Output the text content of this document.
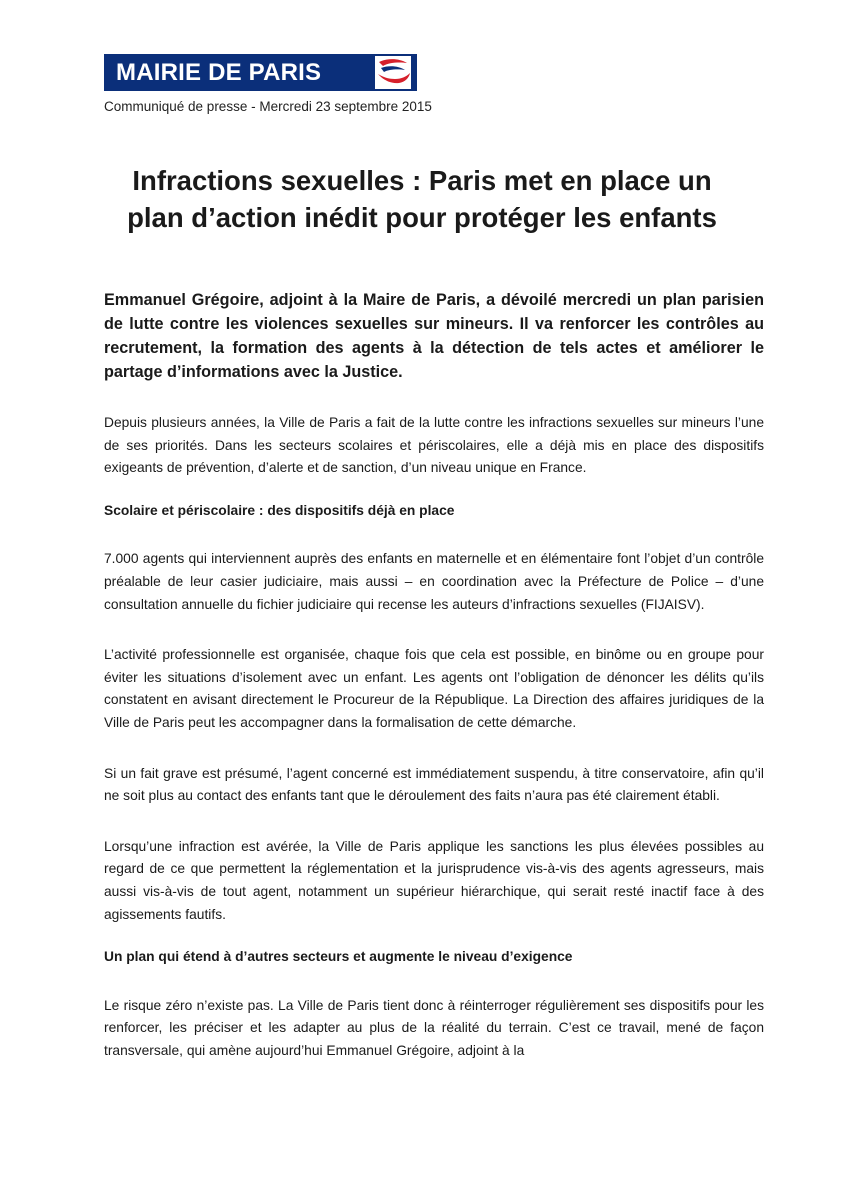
MAIRIE DE PARIS
Communiqué de presse - Mercredi 23 septembre 2015
Infractions sexuelles : Paris met en place un
plan d’action inédit pour protéger les enfants

Emmanuel Grégoire, adjoint à la Maire de Paris, a dévoilé mercredi un plan parisien de lutte contre les violences sexuelles sur mineurs. Il va renforcer les contrôles au recrutement, la formation des agents à la détection de tels actes et améliorer le partage d’informations avec la Justice.

Depuis plusieurs années, la Ville de Paris a fait de la lutte contre les infractions sexuelles sur mineurs l’une de ses priorités. Dans les secteurs scolaires et périscolaires, elle a déjà mis en place des dispositifs exigeants de prévention, d’alerte et de sanction, d’un niveau unique en France.

Scolaire et périscolaire : des dispositifs déjà en place

7.000 agents qui interviennent auprès des enfants en maternelle et en élémentaire font l’objet d’un contrôle préalable de leur casier judiciaire, mais aussi – en coordination avec la Préfecture de Police – d’une consultation annuelle du fichier judiciaire qui recense les auteurs d’infractions sexuelles (FIJAISV).

L’activité professionnelle est organisée, chaque fois que cela est possible, en binôme ou en groupe pour éviter les situations d’isolement avec un enfant. Les agents ont l’obligation de dénoncer les délits qu’ils constatent en avisant directement le Procureur de la République. La Direction des affaires juridiques de la Ville de Paris peut les accompagner dans la formalisation de cette démarche.

Si un fait grave est présumé, l’agent concerné est immédiatement suspendu, à titre conservatoire, afin qu’il ne soit plus au contact des enfants tant que le déroulement des faits n’aura pas été clairement établi.

Lorsqu’une infraction est avérée, la Ville de Paris applique les sanctions les plus élevées possibles au regard de ce que permettent la réglementation et la jurisprudence vis-à-vis des agents agresseurs, mais aussi vis-à-vis de tout agent, notamment un supérieur hiérarchique, qui serait resté inactif face à des agissements fautifs.

Un plan qui étend à d’autres secteurs et augmente le niveau d’exigence

Le risque zéro n’existe pas. La Ville de Paris tient donc à réinterroger régulièrement ses dispositifs pour les renforcer, les préciser et les adapter au plus de la réalité du terrain. C’est ce travail, mené de façon transversale, qui amène aujourd’hui Emmanuel Grégoire, adjoint à la
